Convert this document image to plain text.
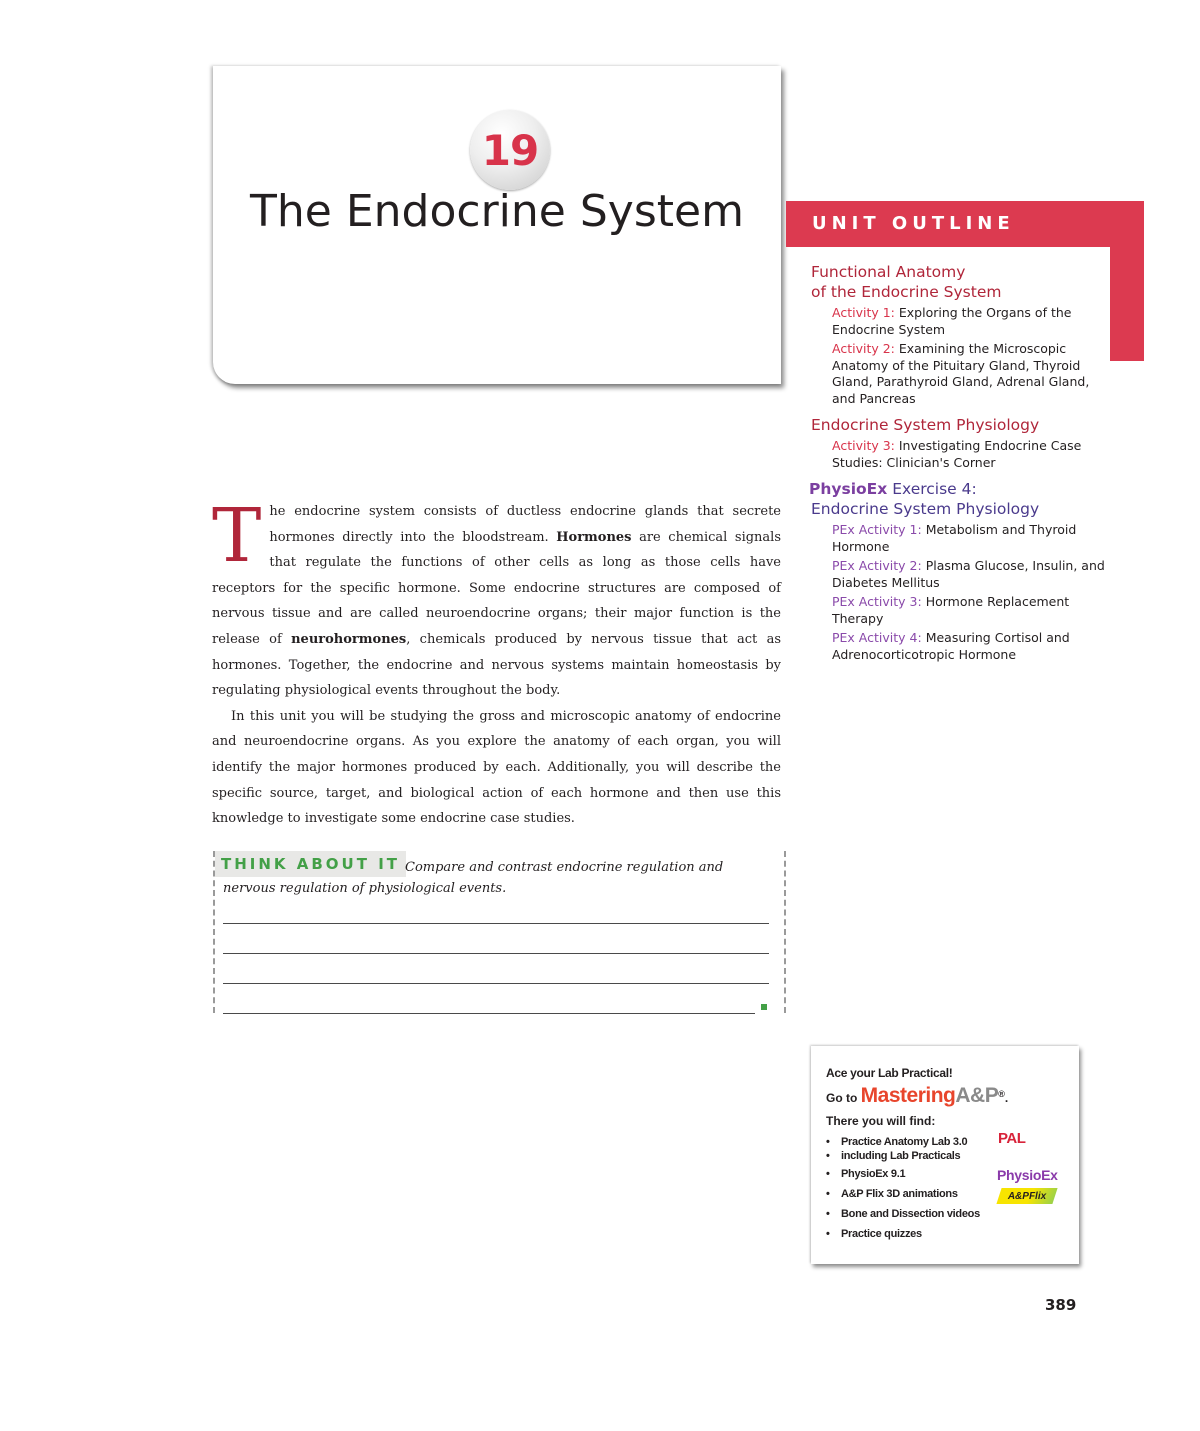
19
The Endocrine System	UNIT OUTLINE
Functional Anatomy
of the Endocrine System
Activity 1: Exploring the Organs of the Endocrine System
Activity 2: Examining the Microscopic Anatomy of the Pituitary Gland, Thyroid Gland, Parathyroid Gland, Adrenal Gland, and Pancreas
Endocrine System Physiology
Activity 3: Investigating Endocrine Case Studies: Clinician's Corner
PhysioEx Exercise 4:
Endocrine System Physiology
PEx Activity 1: Metabolism and Thyroid Hormone
PEx Activity 2: Plasma Glucose, Insulin, and Diabetes Mellitus
PEx Activity 3: Hormone Replacement Therapy
PEx Activity 4: Measuring Cortisol and Adrenocorticotropic Hormone

The endocrine system consists of ductless endocrine glands that secrete hormones directly into the bloodstream. Hormones are chemical signals that regulate the functions of other cells as long as those cells have receptors for the specific hormone. Some endocrine structures are composed of nervous tissue and are called neuroendocrine organs; their major function is the release of neurohormones, chemicals produced by nervous tissue that act as hormones. Together, the endocrine and nervous systems maintain homeostasis by regulating physiological events throughout the body.

In this unit you will be studying the gross and microscopic anatomy of endocrine and neuroendocrine organs. As you explore the anatomy of each organ, you will identify the major hormones produced by each. Additionally, you will describe the specific source, target, and biological action of each hormone and then use this knowledge to investigate some endocrine case studies.

THINK ABOUT IT Compare and contrast endocrine regulation and nervous regulation of physiological events.
Ace your Lab Practical!
Go to MasteringA&P®.
There you will find:
• Practice Anatomy Lab 3.0
• including Lab Practicals
• PhysioEx 9.1
• A&P Flix 3D animations
• Bone and Dissection videos
• Practice quizzes
PAL
PhysioEx
A&PFlix
389
